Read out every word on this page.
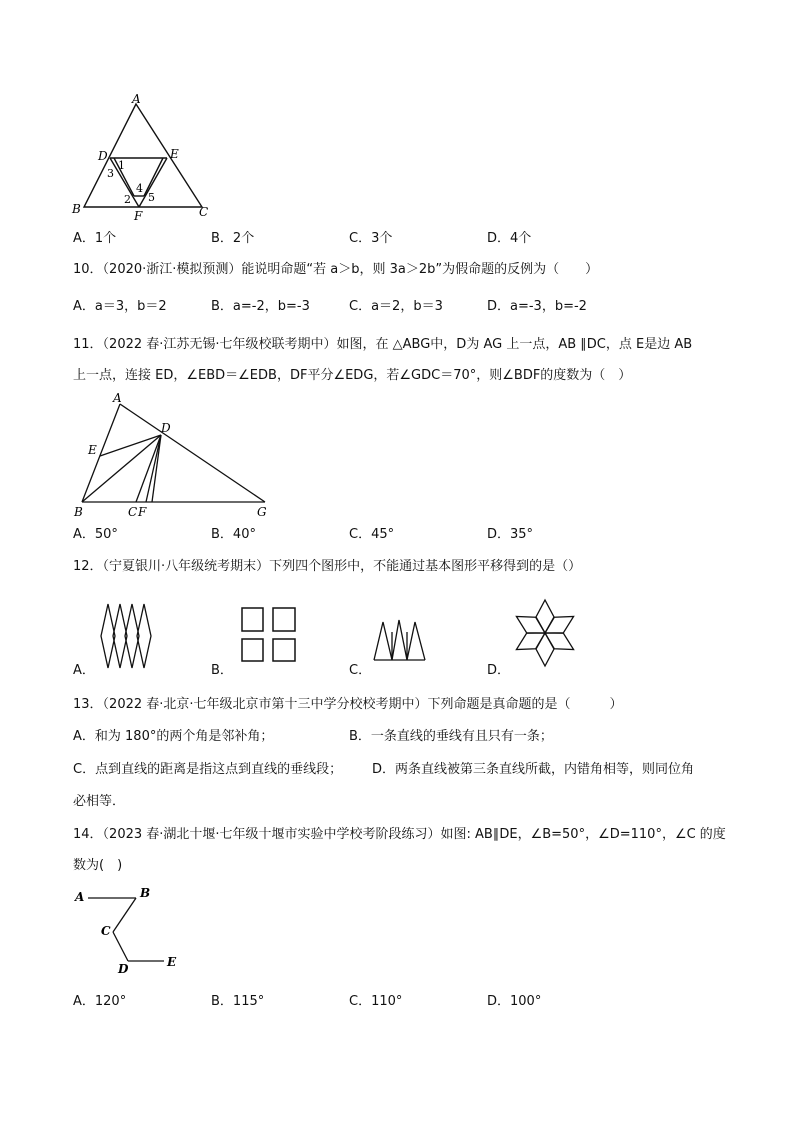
A
D	E
B	C
F
1
3
4
2 5
A．1个	B．2个	C．3个	D．4个
10．（2020·浙江·模拟预测）能说明命题“若 a＞b，则 3a＞2b”为假命题的反例为（　　）
A．a＝3，b＝2	B．a=-2，b=-3	C．a＝2，b＝3	D．a=-3，b=-2
11．（2022 春·江苏无锡·七年级校联考期中）如图，在 △ABG中，D为 AG 上一点，AB ∥DC，点 E是边 AB
上一点，连接 ED，∠EBD＝∠EDB，DF平分∠EDG，若∠GDC＝70°，则∠BDF的度数为（　）
A
E
D
B	C F	G
A．50°	B．40°	C．45°	D．35°
12．（宁夏银川·八年级统考期末）下列四个图形中，不能通过基本图形平移得到的是（）
A．	B．	C．	D．
13．（2022 春·北京·七年级北京市第十三中学分校校考期中）下列命题是真命题的是（　　　）
A．和为 180°的两个角是邻补角；	B．一条直线的垂线有且只有一条；
C．点到直线的距离是指这点到直线的垂线段； D．两条直线被第三条直线所截，内错角相等，则同位角
必相等．
14．（2023 春·湖北十堰·七年级十堰市实验中学校考阶段练习）如图: AB∥DE，∠B=50°，∠D=110°，∠C 的度
数为(　)
A	B
C
D	E
A．120°	B．115°	C．110°	D．100°
